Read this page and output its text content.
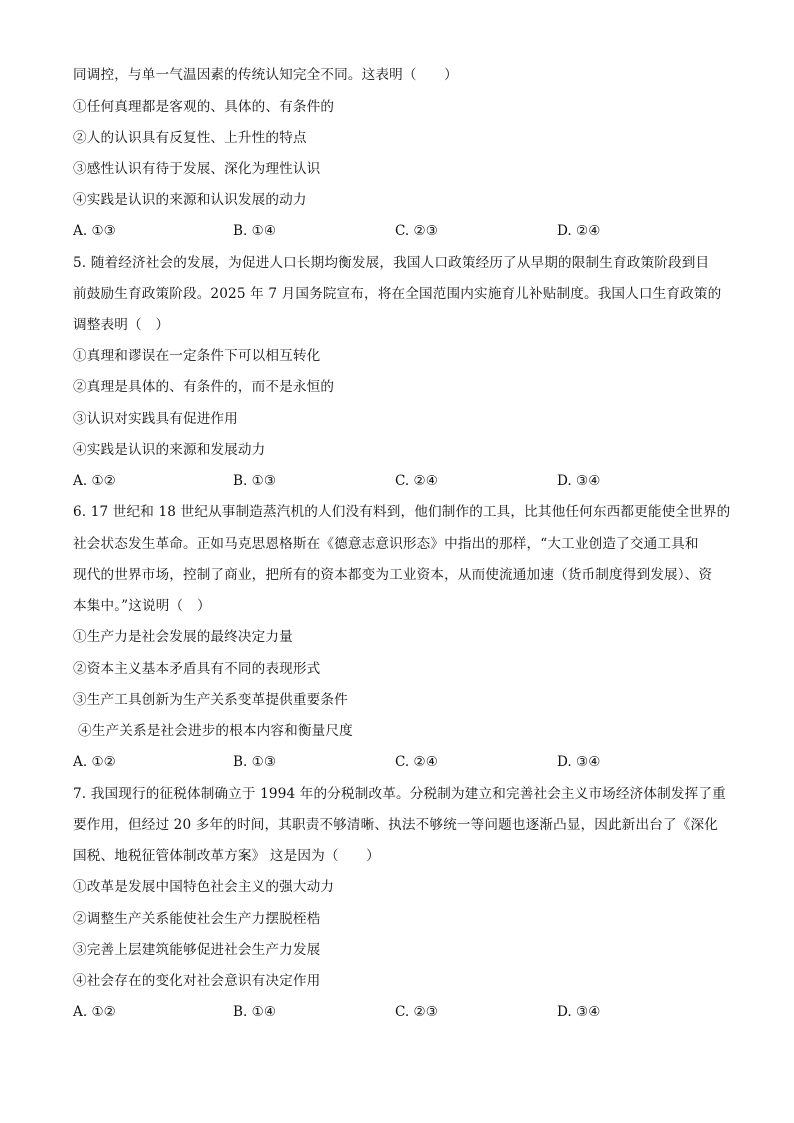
同调控，与单一气温因素的传统认知完全不同。这表明（　　）
①任何真理都是客观的、具体的、有条件的
②人的认识具有反复性、上升性的特点
③感性认识有待于发展、深化为理性认识
④实践是认识的来源和认识发展的动力
A. ①③	B. ①④	C. ②③	D. ②④
5. 随着经济社会的发展，为促进人口长期均衡发展，我国人口政策经历了从早期的限制生育政策阶段到目
前鼓励生育政策阶段。2025 年 7 月国务院宣布，将在全国范围内实施育儿补贴制度。我国人口生育政策的
调整表明（　）
①真理和谬误在一定条件下可以相互转化
②真理是具体的、有条件的，而不是永恒的
③认识对实践具有促进作用
④实践是认识的来源和发展动力
A. ①②	B. ①③	C. ②④	D. ③④
6. 17 世纪和 18 世纪从事制造蒸汽机的人们没有料到，他们制作的工具，比其他任何东西都更能使全世界的
社会状态发生革命。正如马克思恩格斯在《德意志意识形态》中指出的那样，“大工业创造了交通工具和
现代的世界市场，控制了商业，把所有的资本都变为工业资本，从而使流通加速（货币制度得到发展）、资
本集中。”这说明（　）
①生产力是社会发展的最终决定力量
②资本主义基本矛盾具有不同的表现形式
③生产工具创新为生产关系变革提供重要条件
④生产关系是社会进步的根本内容和衡量尺度
A. ①②	B. ①③	C. ②④	D. ③④
7. 我国现行的征税体制确立于 1994 年的分税制改革。分税制为建立和完善社会主义市场经济体制发挥了重
要作用，但经过 20 多年的时间，其职责不够清晰、执法不够统一等问题也逐渐凸显，因此新出台了《深化
国税、地税征管体制改革方案》 这是因为（　　）
①改革是发展中国特色社会主义的强大动力
②调整生产关系能使社会生产力摆脱桎梏
③完善上层建筑能够促进社会生产力发展
④社会存在的变化对社会意识有决定作用
A. ①②	B. ①④	C. ②③	D. ③④
